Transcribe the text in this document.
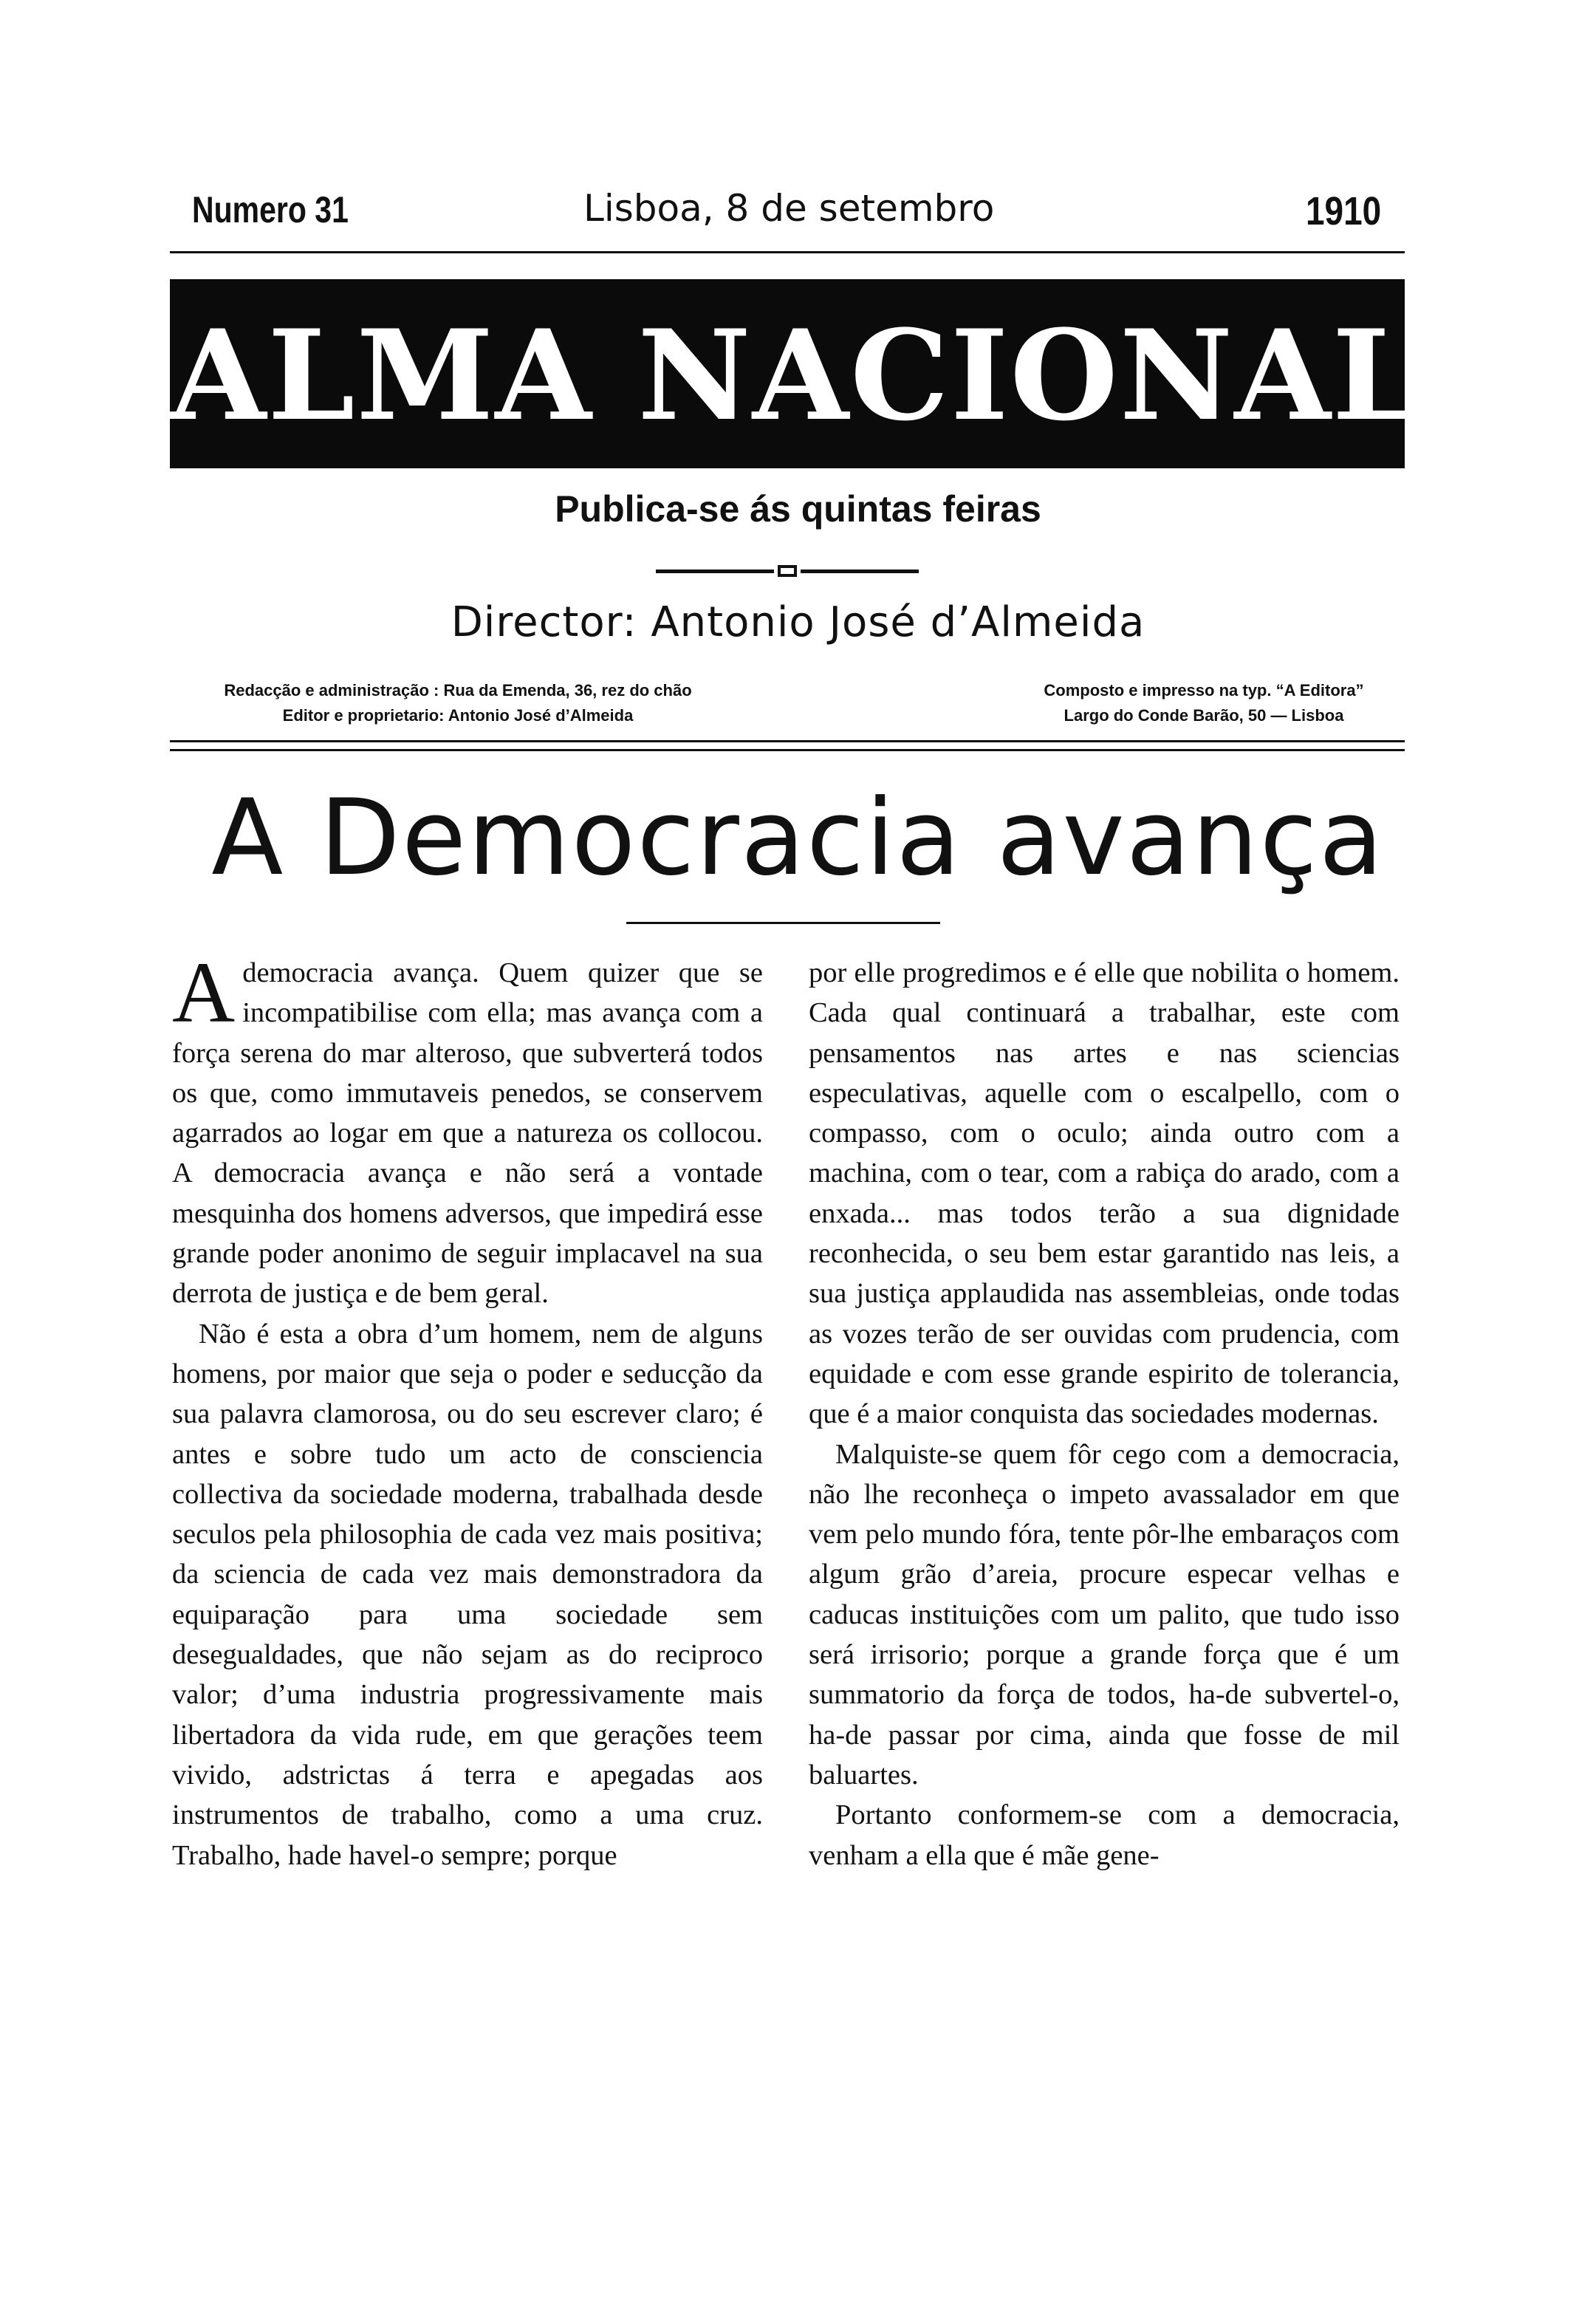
Numero 31	Lisboa, 8 de setembro	1910
ALMA NACIONAL
Publica-se ás quintas feiras
Director: Antonio José d’Almeida
Redacção e administração : Rua da Emenda, 36, rez do chão
Editor e proprietario: Antonio José d’Almeida
Composto e impresso na typ. “A Editora”
Largo do Conde Barão, 50 — Lisboa
A Democracia avança

Ademocracia avança. Quem quizer que se incompatibilise com ella; mas avança com a força serena do mar alteroso, que subverterá todos os que, como immutaveis penedos, se conservem agarrados ao logar em que a natureza os collocou. A democracia avança e não será a vontade mesquinha dos homens adversos, que impedirá esse grande poder anonimo de seguir implacavel na sua derrota de justiça e de bem geral.

Não é esta a obra d’um homem, nem de alguns homens, por maior que seja o poder e seducção da sua palavra clamorosa, ou do seu escrever claro; é antes e sobre tudo um acto de consciencia collectiva da sociedade moderna, trabalhada desde seculos pela philosophia de cada vez mais positiva; da sciencia de cada vez mais demonstradora da equiparação para uma sociedade sem desegualdades, que não sejam as do reciproco valor; d’uma industria progressivamente mais libertadora da vida rude, em que gerações teem vivido, adstrictas á terra e apegadas aos instrumentos de trabalho, como a uma cruz. Trabalho, hade havel-o sempre; porque

por elle progredimos e é elle que nobilita o homem. Cada qual continuará a trabalhar, este com pensamentos nas artes e nas sciencias especulativas, aquelle com o escalpello, com o compasso, com o oculo; ainda outro com a machina, com o tear, com a rabiça do arado, com a enxada... mas todos terão a sua dignidade reconhecida, o seu bem estar garantido nas leis, a sua justiça applaudida nas assembleias, onde todas as vozes terão de ser ouvidas com prudencia, com equidade e com esse grande espirito de tolerancia, que é a maior conquista das sociedades modernas.

Malquiste-se quem fôr cego com a democracia, não lhe reconheça o impeto avassalador em que vem pelo mundo fóra, tente pôr-lhe embaraços com algum grão d’areia, procure especar velhas e caducas instituições com um palito, que tudo isso será irrisorio; porque a grande força que é um summatorio da força de todos, ha-de subvertel-o, ha-de passar por cima, ainda que fosse de mil baluartes.

Portanto conformem-se com a democracia, venham a ella que é mãe gene-
